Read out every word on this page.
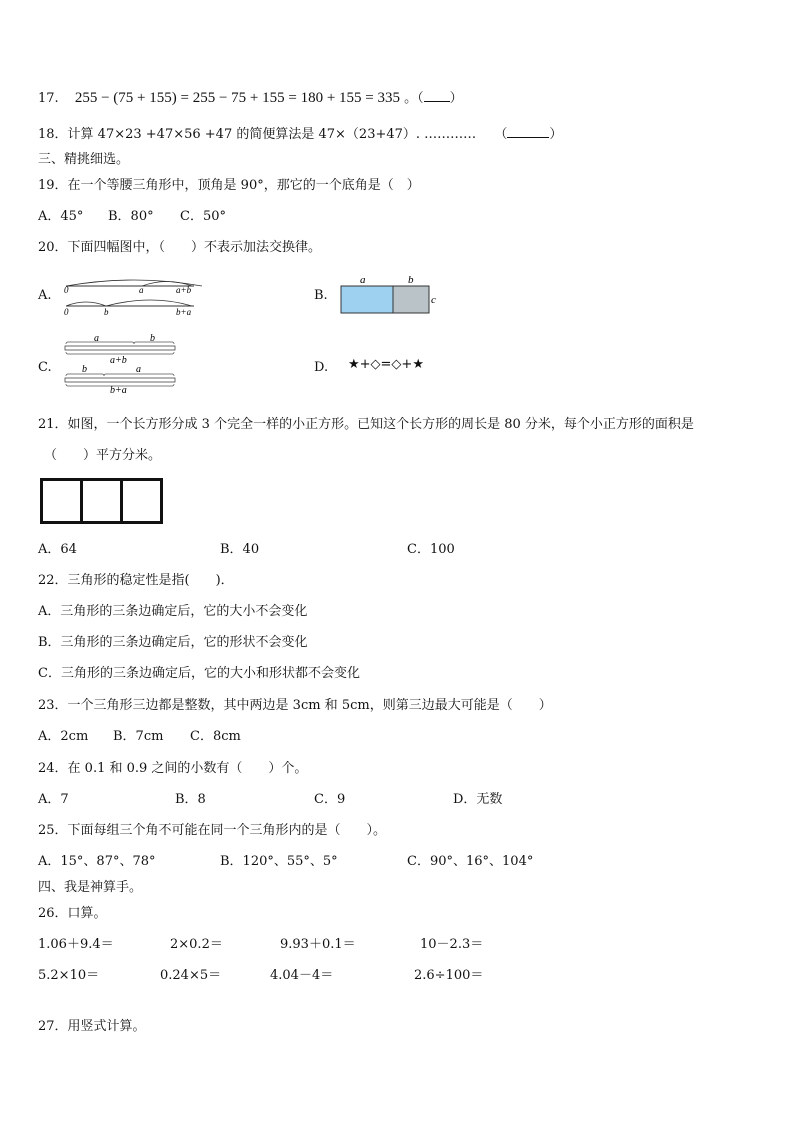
17. 255 − (75 + 155) = 255 − 75 + 155 = 180 + 155 = 335 。（ ）
18．计算 47×23 +47×56 +47 的简便算法是 47×（23+47）. ………… （	）
三、精挑细选。
19．在一个等腰三角形中，顶角是 90°，那它的一个底角是（　）
A．45° B．80° C．50°
20．下面四幅图中，（　　）不表示加法交换律。
A. 0	a	a+b
0	b	b+a
B.
a	b
c
C.
a	b
a+b
b	a
b+a
D. ★+◇=◇+★
21．如图，一个长方形分成 3 个完全一样的小正方形。已知这个长方形的周长是 80 分米，每个小正方形的面积是
（　　）平方分米。
A．64	B．40	C．100
22．三角形的稳定性是指(　　)．
A．三角形的三条边确定后，它的大小不会变化
B．三角形的三条边确定后，它的形状不会变化
C．三角形的三条边确定后，它的大小和形状都不会变化
23．一个三角形三边都是整数，其中两边是 3cm 和 5cm，则第三边最大可能是（　　）
A．2cm B．7cm C．8cm
24．在 0.1 和 0.9 之间的小数有（　　）个。
A．7	B．8	C．9	D．无数
25．下面每组三个角不可能在同一个三角形内的是（　　）。
A．15°、87°、78°	B．120°、55°、5°	C．90°、16°、104°
四、我是神算手。
26．口算。
1.06＋9.4＝	2×0.2＝	9.93＋0.1＝	10－2.3＝
5.2×10＝	0.24×5＝	4.04－4＝	2.6÷100＝
27．用竖式计算。
